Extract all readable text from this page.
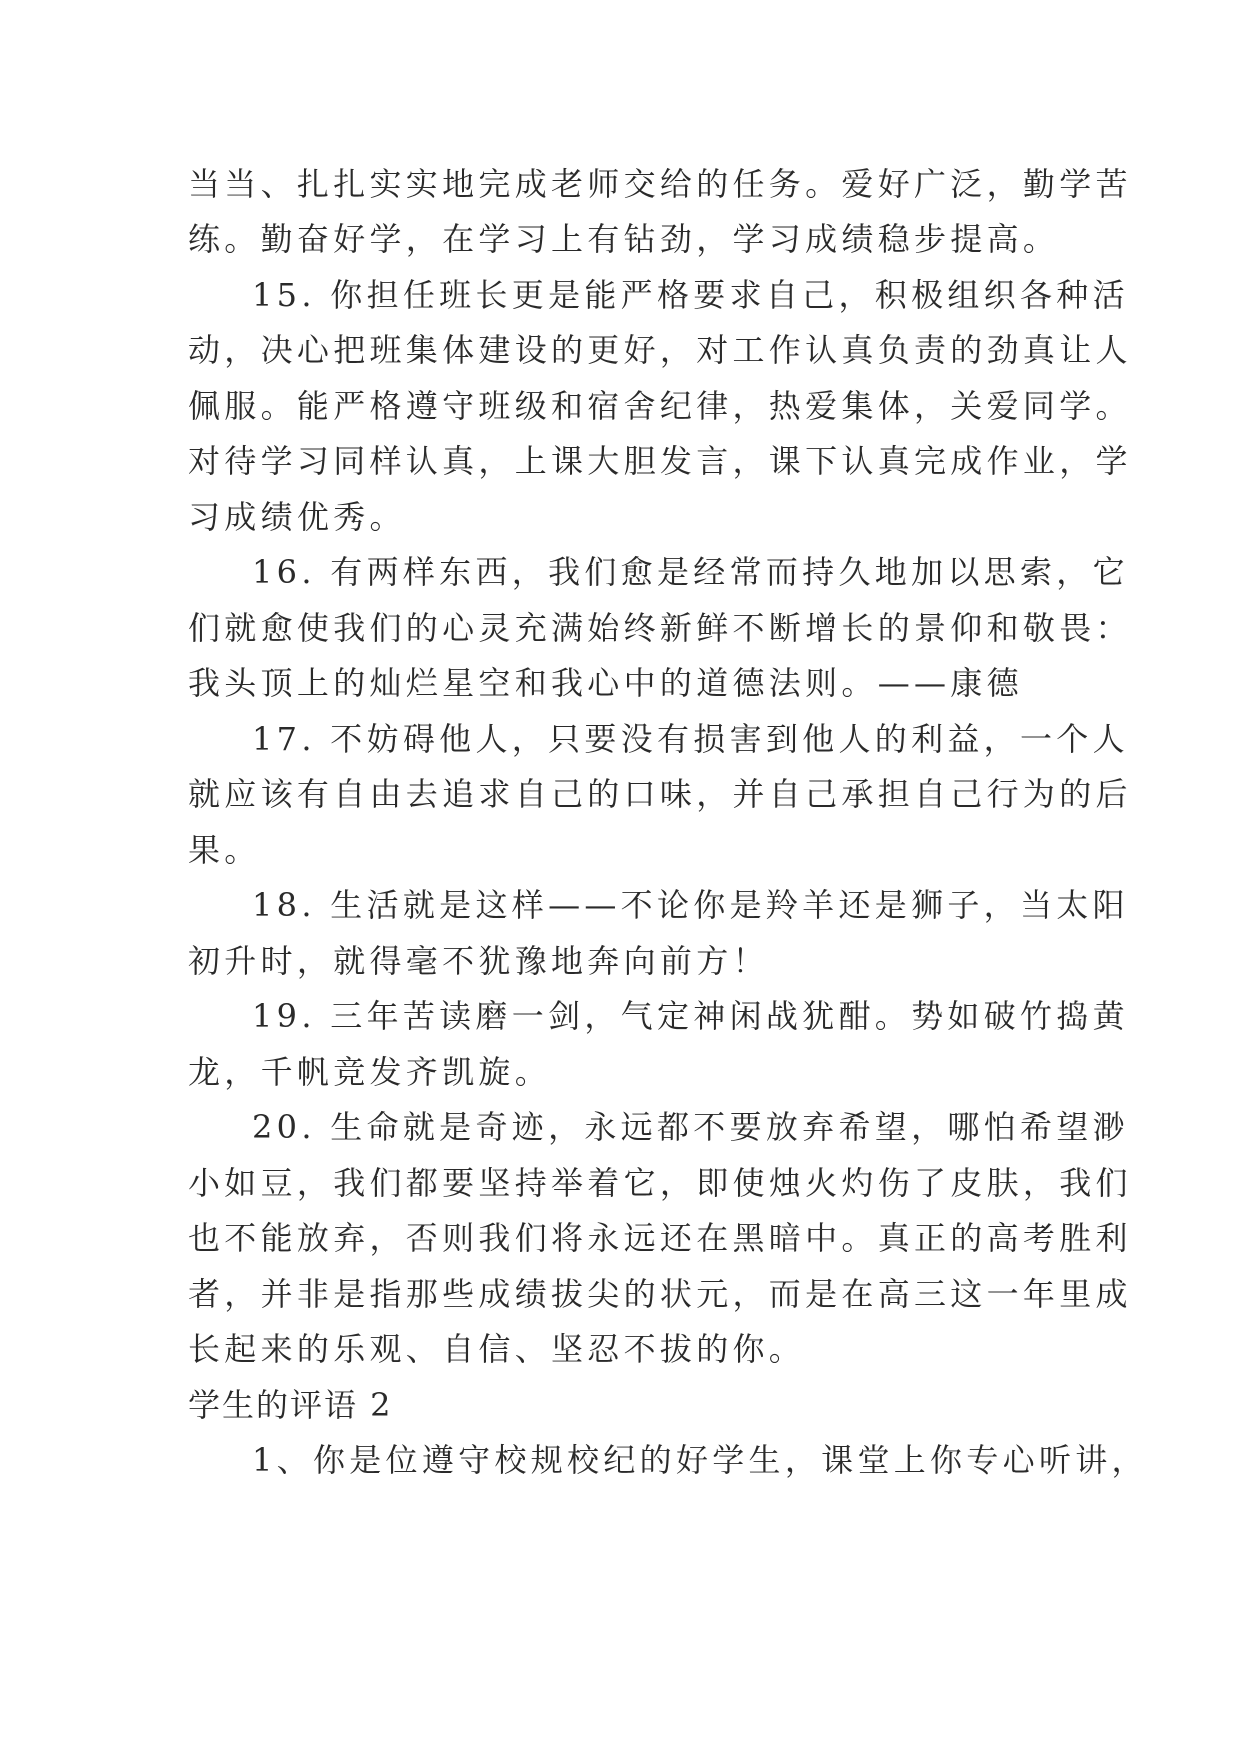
当当、扎扎实实地完成老师交给的任务。爱好广泛，勤学苦
练。勤奋好学，在学习上有钻劲，学习成绩稳步提高。
15. 你担任班长更是能严格要求自己，积极组织各种活
动，决心把班集体建设的更好，对工作认真负责的劲真让人
佩服。能严格遵守班级和宿舍纪律，热爱集体，关爱同学。
对待学习同样认真，上课大胆发言，课下认真完成作业，学
习成绩优秀。
16. 有两样东西，我们愈是经常而持久地加以思索，它
们就愈使我们的心灵充满始终新鲜不断增长的景仰和敬畏：
我头顶上的灿烂星空和我心中的道德法则。——康德
17. 不妨碍他人，只要没有损害到他人的利益，一个人
就应该有自由去追求自己的口味，并自己承担自己行为的后
果。
18. 生活就是这样——不论你是羚羊还是狮子，当太阳
初升时，就得毫不犹豫地奔向前方！
19. 三年苦读磨一剑，气定神闲战犹酣。势如破竹捣黄
龙，千帆竞发齐凯旋。
20. 生命就是奇迹，永远都不要放弃希望，哪怕希望渺
小如豆，我们都要坚持举着它，即使烛火灼伤了皮肤，我们
也不能放弃，否则我们将永远还在黑暗中。真正的高考胜利
者，并非是指那些成绩拔尖的状元，而是在高三这一年里成
长起来的乐观、自信、坚忍不拔的你。
学生的评语 2
1、你是位遵守校规校纪的好学生，课堂上你专心听讲，
